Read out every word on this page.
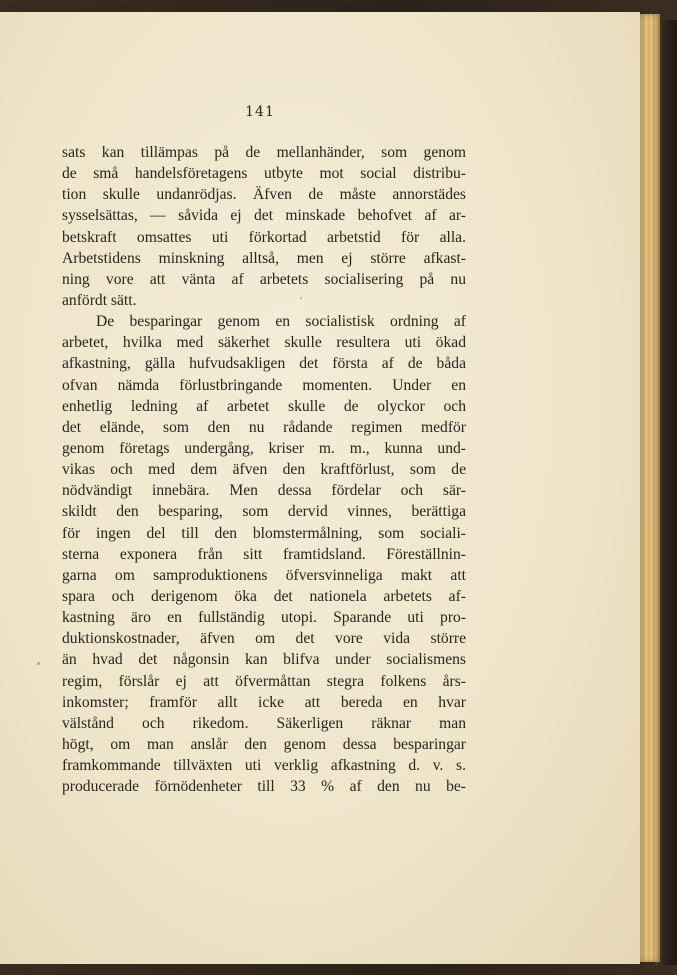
141
sats kan tillämpas på de mellanhänder, som genom
de små handelsföretagens utbyte mot social distribu-
tion skulle undanrödjas. Äfven de måste annorstädes
sysselsättas, — såvida ej det minskade behofvet af ar-
betskraft omsattes uti förkortad arbetstid för alla.
Arbetstidens minskning alltså, men ej större afkast-
ning vore att vänta af arbetets socialisering på nu
anfördt sätt.
De besparingar genom en socialistisk ordning af
arbetet, hvilka med säkerhet skulle resultera uti ökad
afkastning, gälla hufvudsakligen det första af de båda
ofvan nämda förlustbringande momenten. Under en
enhetlig ledning af arbetet skulle de olyckor och
det elände, som den nu rådande regimen medför
genom företags undergång, kriser m. m., kunna und-
vikas och med dem äfven den kraftförlust, som de
nödvändigt innebära. Men dessa fördelar och sär-
skildt den besparing, som dervid vinnes, berättiga
för ingen del till den blomstermålning, som sociali-
sterna exponera från sitt framtidsland. Föreställnin-
garna om samproduktionens öfversvinneliga makt att
spara och derigenom öka det nationela arbetets af-
kastning äro en fullständig utopi. Sparande uti pro-
duktionskostnader, äfven om det vore vida större
än hvad det någonsin kan blifva under socialismens
regim, förslår ej att öfvermåttan stegra folkens års-
inkomster; framför allt icke att bereda en hvar
välstånd och rikedom. Säkerligen räknar man
högt, om man anslår den genom dessa besparingar
framkommande tillväxten uti verklig afkastning d. v. s.
producerade förnödenheter till 33 % af den nu be-
